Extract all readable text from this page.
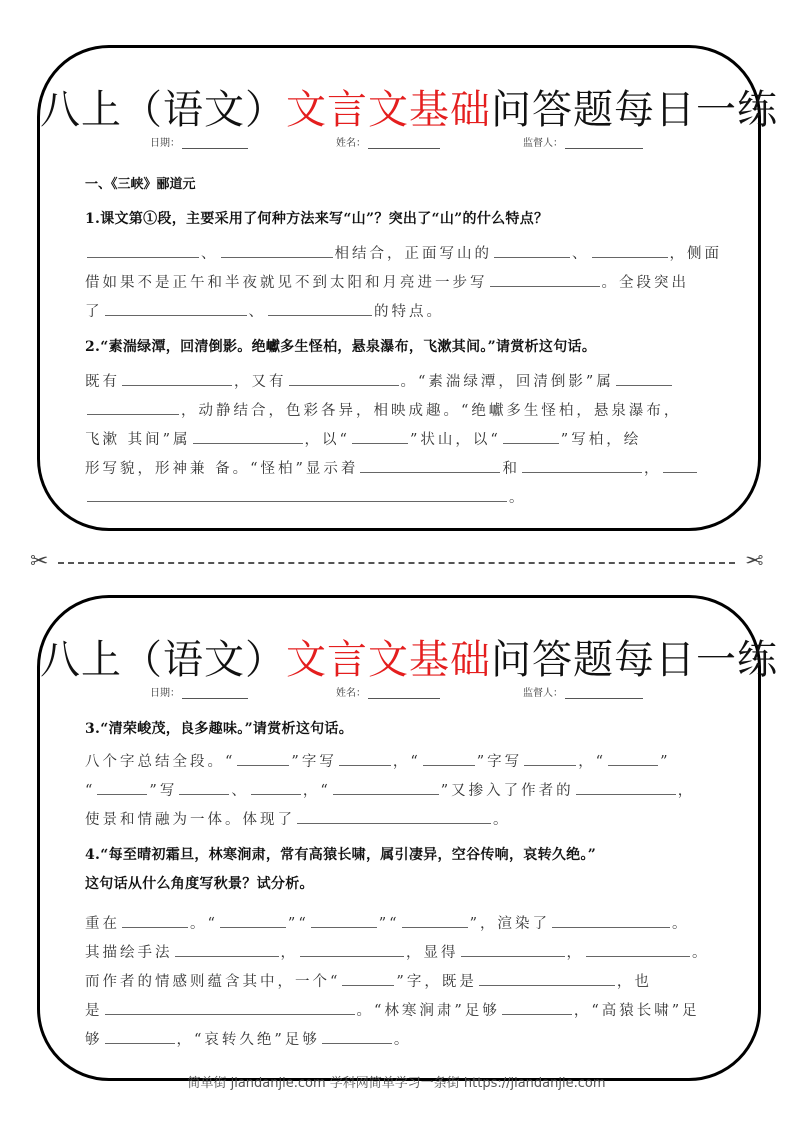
八上（语文）文言文基础问答题每日一练
日期：	姓名：	监督人：
一、《三峡》郦道元
1.课文第①段，主要采用了何种方法来写“山”？突出了“山”的什么特点？
、	相结合，正面写山的	、	，侧面
借如果不是正午和半夜就见不到太阳和月亮进一步写	。全段突出
了	、	的特点。
2.“素湍绿潭，回清倒影。绝巘多生怪柏，悬泉瀑布，飞漱其间。”请赏析这句话。
既有	，又有	。“素湍绿潭，回清倒影”属
，动静结合，色彩各异，相映成趣。“绝巘多生怪柏，悬泉瀑布，
飞漱 其间”属	，以“	”状山，以“	”写柏，绘
形写貌，形神兼 备。“怪柏”显示着	和	，
。
✂	✂
八上（语文）文言文基础问答题每日一练
日期：	姓名：	监督人：
3.“清荣峻茂，良多趣味。”请赏析这句话。
八个字总结全段。“	”字写	，“	”字写	，“	”
“	”写	、	，“	”又掺入了作者的	，
使景和情融为一体。体现了	。
4.“每至晴初霜旦，林寒涧肃，常有高猿长啸，属引凄异，空谷传响，哀转久绝。”
这句话从什么角度写秋景？试分析。
重在	。“	”“	”“	”，渲染了	。
其描绘手法	，	，显得	，	。
而作者的情感则蕴含其中，一个“	”字，既是	，也
是	。“林寒涧肃”足够	，“高猿长啸”足
够	，“哀转久绝”足够	。
简单街 jiandanjie.com 学科网简单学习一条街 https://jiandanjie.com
